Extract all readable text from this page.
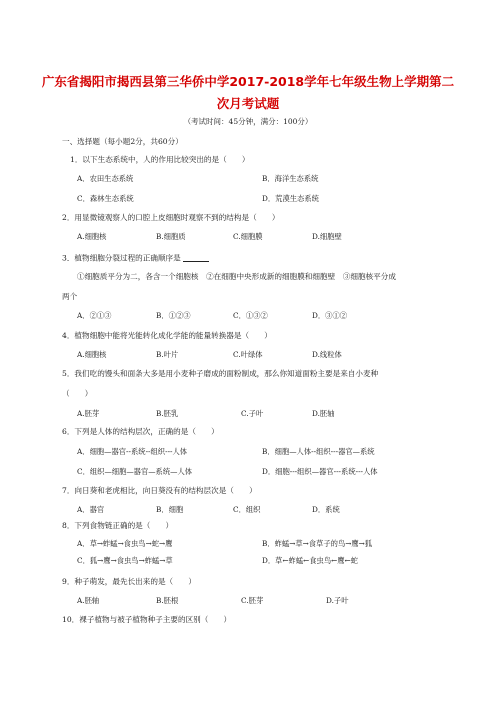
广东省揭阳市揭西县第三华侨中学2017-2018学年七年级生物上学期第二
次月考试题
（考试时间：45分钟，满分：100分）
一、选择题（每小题2分，共60分）
1．以下生态系统中，人的作用比较突出的是（　　）
A．农田生态系统	B．海洋生态系统
C．森林生态系统	D．荒漠生态系统
2．用显微镜观察人的口腔上皮细胞时观察不到的结构是（　　）
A.细胞核	B.细胞质	C.细胞膜	D.细胞壁
3．植物细胞分裂过程的正确顺序是
①细胞质平分为二，各含一个细胞核　②在细胞中央形成新的细胞膜和细胞壁　③细胞核平分成
两个
A．②①③	B．①②③	C．①③②	D．③①②
4．植物细胞中能将光能转化成化学能的能量转换器是（　　）
A.细胞核	B.叶片	C.叶绿体	D.线粒体
5．我们吃的馒头和面条大多是用小麦种子磨成的面粉制成，那么你知道面粉主要是来自小麦种
（　　）
A.胚芽	B.胚乳	C.子叶	D.胚轴
6．下列是人体的结构层次，正确的是（　　）
A．细胞—器官--系统--组织---人体	B．细胞—人体--组织---器官—系统
C．组织—细胞—器官—系统—人体	D．细胞---组织—器官---系统---人体
7．向日葵和老虎相比，向日葵没有的结构层次是（　　）
A．器官	B．细胞	C．组织	D．系统
8．下列食物链正确的是（　　）
A．草→蚱蜢→食虫鸟→蛇→鹰	B．蚱蜢→草→食草子的鸟→鹰→狐
C．狐→鹰→食虫鸟→蚱蜢→草	D．草←蚱蜢←食虫鸟←鹰←蛇
9．种子萌发，最先长出来的是（　　）
A.胚轴	B.胚根	C.胚芽	D.子叶
10．裸子植物与被子植物种子主要的区别（　　）
